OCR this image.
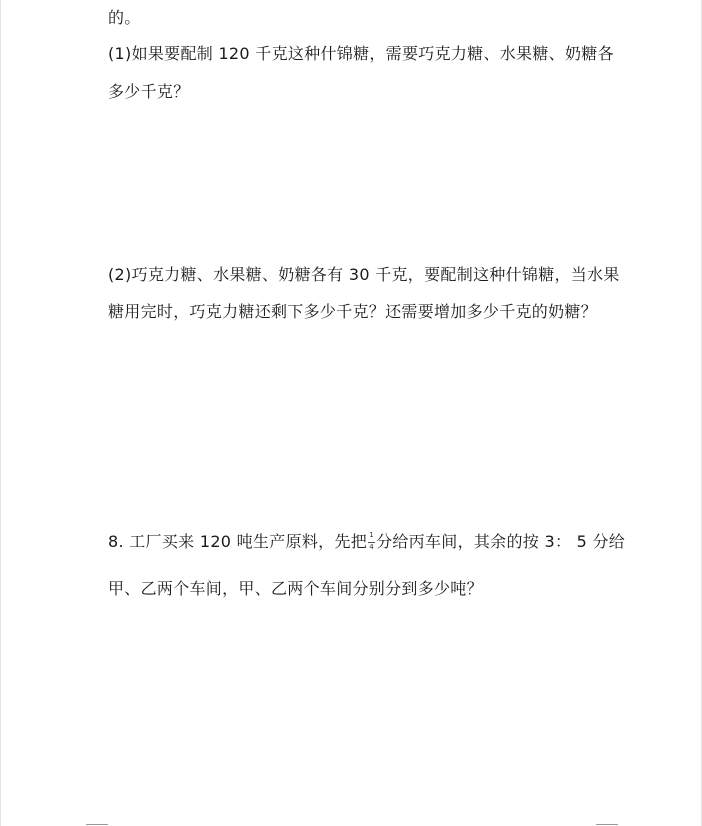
的。
(1)如果要配制 120 千克这种什锦糖，需要巧克力糖、水果糖、奶糖各
多少千克？
(2)巧克力糖、水果糖、奶糖各有 30 千克，要配制这种什锦糖，当水果
糖用完时，巧克力糖还剩下多少千克？还需要增加多少千克的奶糖？
8. 工厂买来 120 吨生产原料，先把 $\frac{1}{4}$ 分给丙车间，其余的按 3： 5 分给
甲、乙两个车间，甲、乙两个车间分别分到多少吨？
